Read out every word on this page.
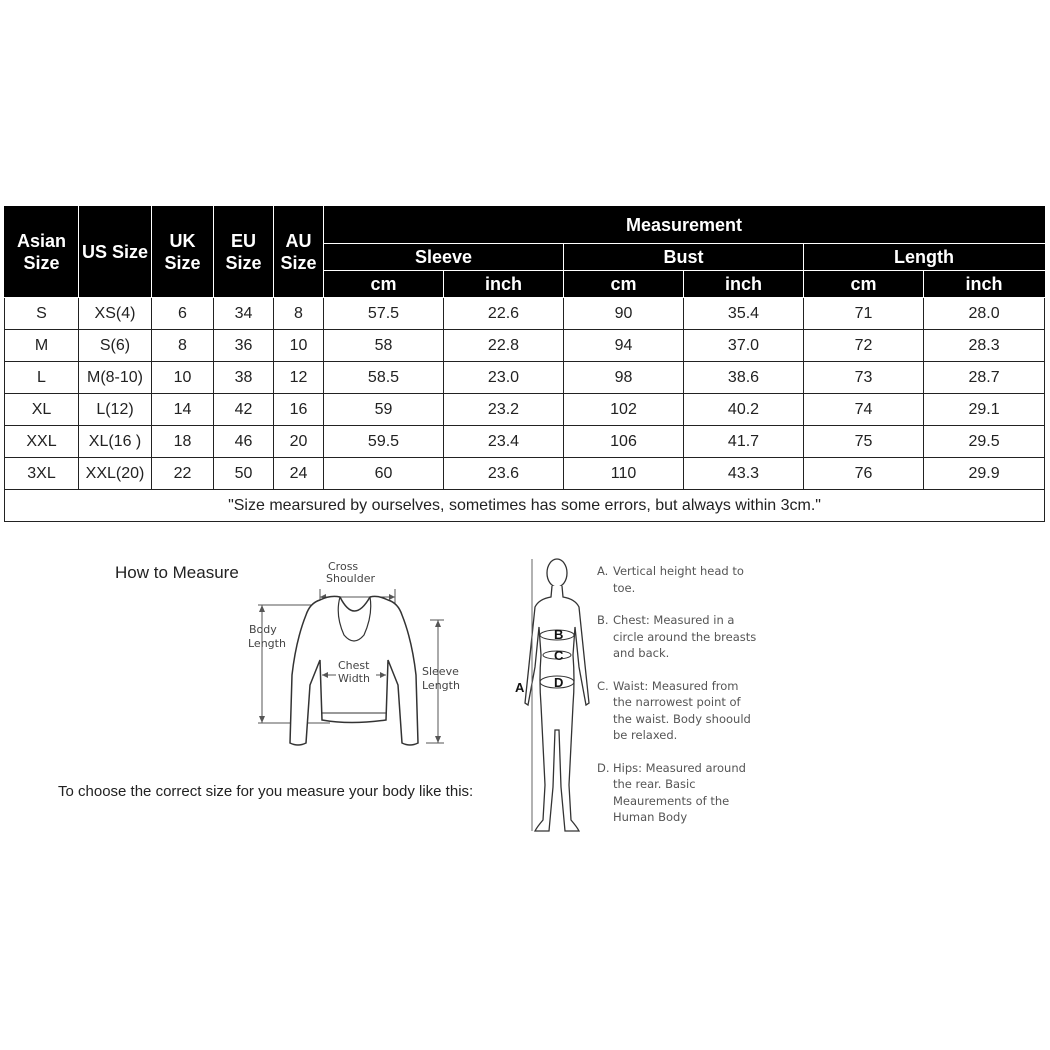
Asian Size	US Size	UK Size	EU Size	AU Size	Measurement					
					Sleeve		Bust		Length	
					cm	inch	cm	inch	cm	inch
S	XS(4)	6	34	8	57.5	22.6	90	35.4	71	28.0
M	S(6)	8	36	10	58	22.8	94	37.0	72	28.3
L	M(8-10)	10	38	12	58.5	23.0	98	38.6	73	28.7
XL	L(12)	14	42	16	59	23.2	102	40.2	74	29.1
XXL	XL(16 )	18	46	20	59.5	23.4	106	41.7	75	29.5
3XL	XXL(20)	22	50	24	60	23.6	110	43.3	76	29.9
"Size mearsured by ourselves, sometimes has some errors, but always within 3cm."										
How to Measure
To choose the correct size for you measure your body like this:
Cross
Shoulder
Body
Length
Chest
Width
Sleeve
Length	A
B
C
D
A. Vertical height head to toe.
B. Chest: Measured in a circle around the breasts and back.
C. Waist: Measured from the narrowest point of the waist. Body shoould be relaxed.
D. Hips: Measured around the rear. Basic Meaurements of the Human Body
